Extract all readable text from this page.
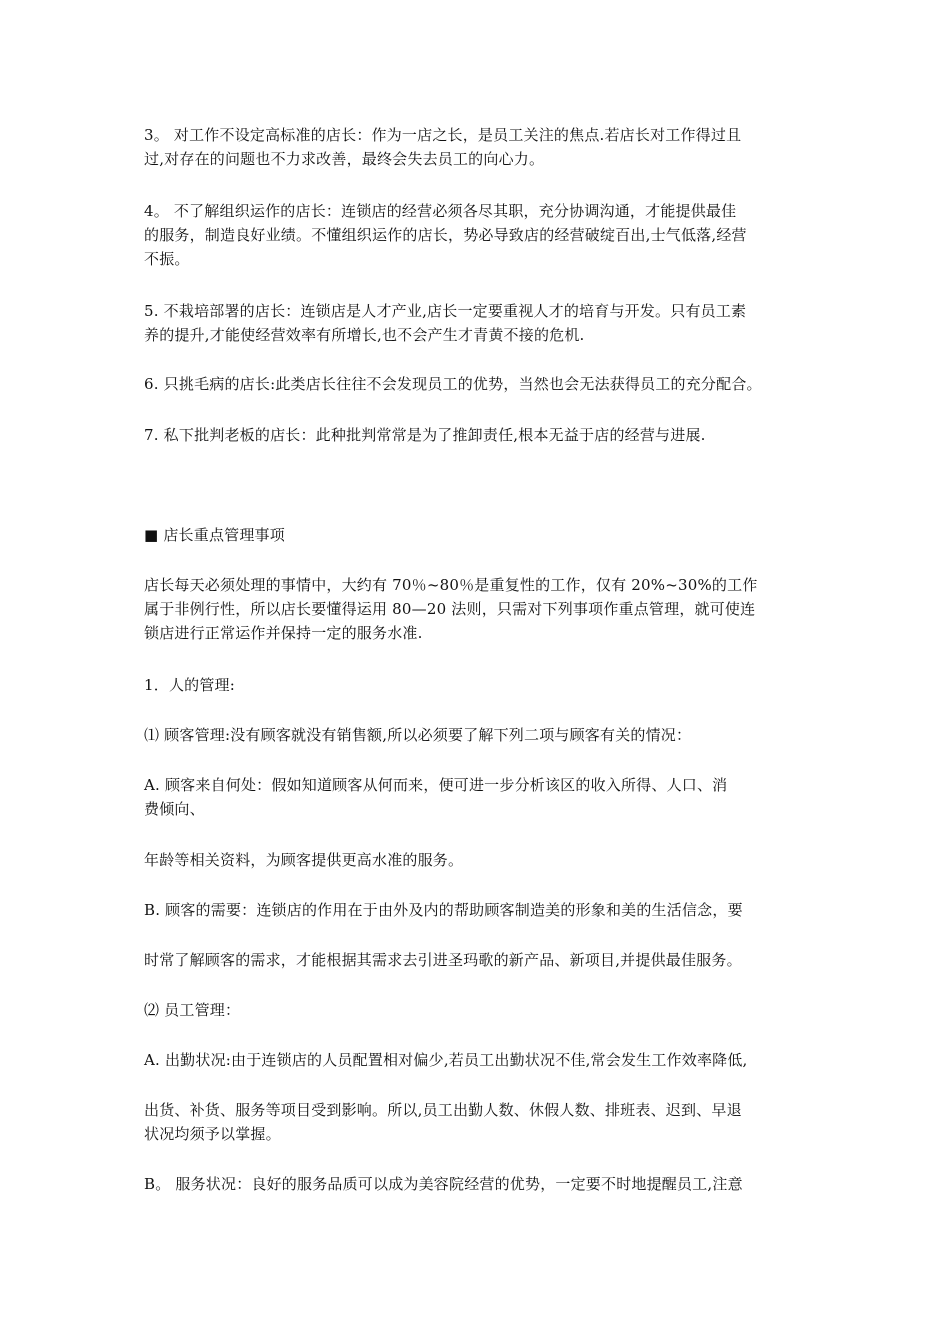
3。 对工作不设定高标准的店长：作为一店之长，是员工关注的焦点.若店长对工作得过且
过,对存在的问题也不力求改善，最终会失去员工的向心力。
4。 不了解组织运作的店长：连锁店的经营必须各尽其职，充分协调沟通，才能提供最佳
的服务，制造良好业绩。不懂组织运作的店长，势必导致店的经营破绽百出,士气低落,经营
不振。
5. 不栽培部署的店长：连锁店是人才产业,店长一定要重视人才的培育与开发。只有员工素
养的提升,才能使经营效率有所增长,也不会产生才青黄不接的危机.
6. 只挑毛病的店长:此类店长往往不会发现员工的优势，当然也会无法获得员工的充分配合。
7. 私下批判老板的店长：此种批判常常是为了推卸责任,根本无益于店的经营与进展.
■ 店长重点管理事项
店长每天必须处理的事情中，大约有 70％~80％是重复性的工作，仅有 20%~30%的工作
属于非例行性，所以店长要懂得运用 80—20 法则，只需对下列事项作重点管理，就可使连
锁店进行正常运作并保持一定的服务水准.
1．人的管理:
⑴ 顾客管理:没有顾客就没有销售额,所以必须要了解下列二项与顾客有关的情况：
A. 顾客来自何处：假如知道顾客从何而来，便可进一步分析该区的收入所得、人口、消
费倾向、
年龄等相关资料，为顾客提供更高水准的服务。
B. 顾客的需要：连锁店的作用在于由外及内的帮助顾客制造美的形象和美的生活信念，要
时常了解顾客的需求，才能根据其需求去引进圣玛歌的新产品、新项目,并提供最佳服务。
⑵ 员工管理：
A. 出勤状况:由于连锁店的人员配置相对偏少,若员工出勤状况不佳,常会发生工作效率降低,
出货、补货、服务等项目受到影响。所以,员工出勤人数、休假人数、排班表、迟到、早退
状况均须予以掌握。
B。 服务状况：良好的服务品质可以成为美容院经营的优势，一定要不时地提醒员工,注意
